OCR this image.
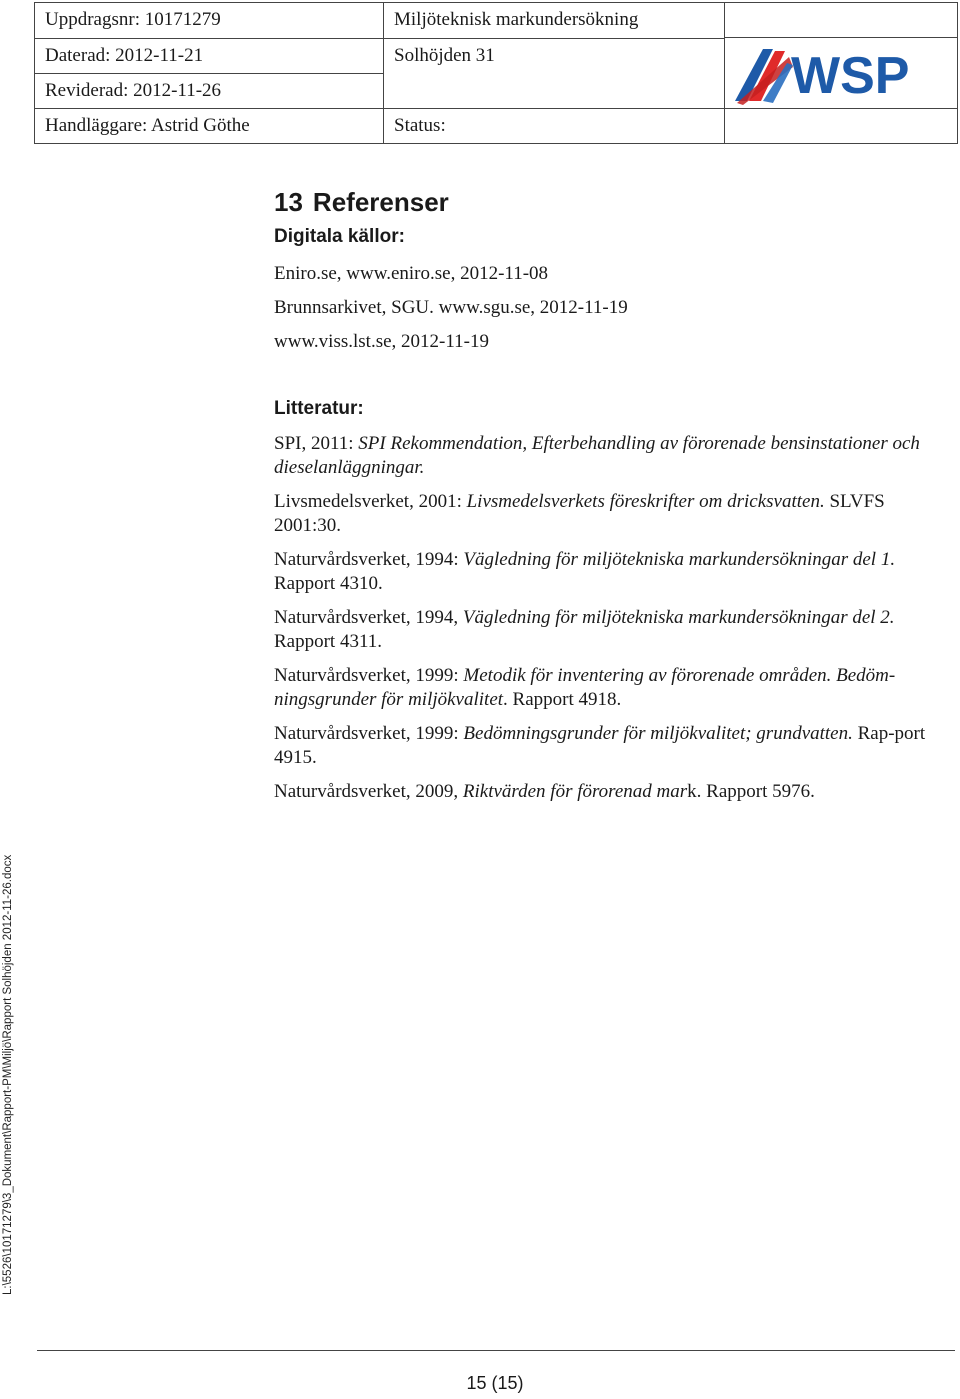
Uppdragsnr: 10171279
Daterad: 2012-11-21
Reviderad: 2012-11-26
Handläggare: Astrid Göthe
Miljöteknisk markundersökning
Solhöjden 31
Status:
WSP
13 Referenser
Digitala källor:

Eniro.se, www.eniro.se, 2012-11-08

Brunnsarkivet, SGU. www.sgu.se, 2012-11-19

www.viss.lst.se, 2012-11-19

Litteratur:

SPI, 2011: SPI Rekommendation, Efterbehandling av förorenade bensinstationer och dieselanläggningar.

Livsmedelsverket, 2001: Livsmedelsverkets föreskrifter om dricksvatten. SLVFS 2001:30.

Naturvårdsverket, 1994: Vägledning för miljötekniska markundersökningar del 1. Rapport 4310.

Naturvårdsverket, 1994, Vägledning för miljötekniska markundersökningar del 2. Rapport 4311.

Naturvårdsverket, 1999: Metodik för inventering av förorenade områden. Bedöm-ningsgrunder för miljökvalitet. Rapport 4918.

Naturvårdsverket, 1999: Bedömningsgrunder för miljökvalitet; grundvatten. Rap-port 4915.

Naturvårdsverket, 2009, Riktvärden för förorenad mark. Rapport 5976.

L:\5526\10171279\3_Dokument\Rapport-PM\Miljö\Rapport Solhöjden 2012-11-26.docx
15 (15)
